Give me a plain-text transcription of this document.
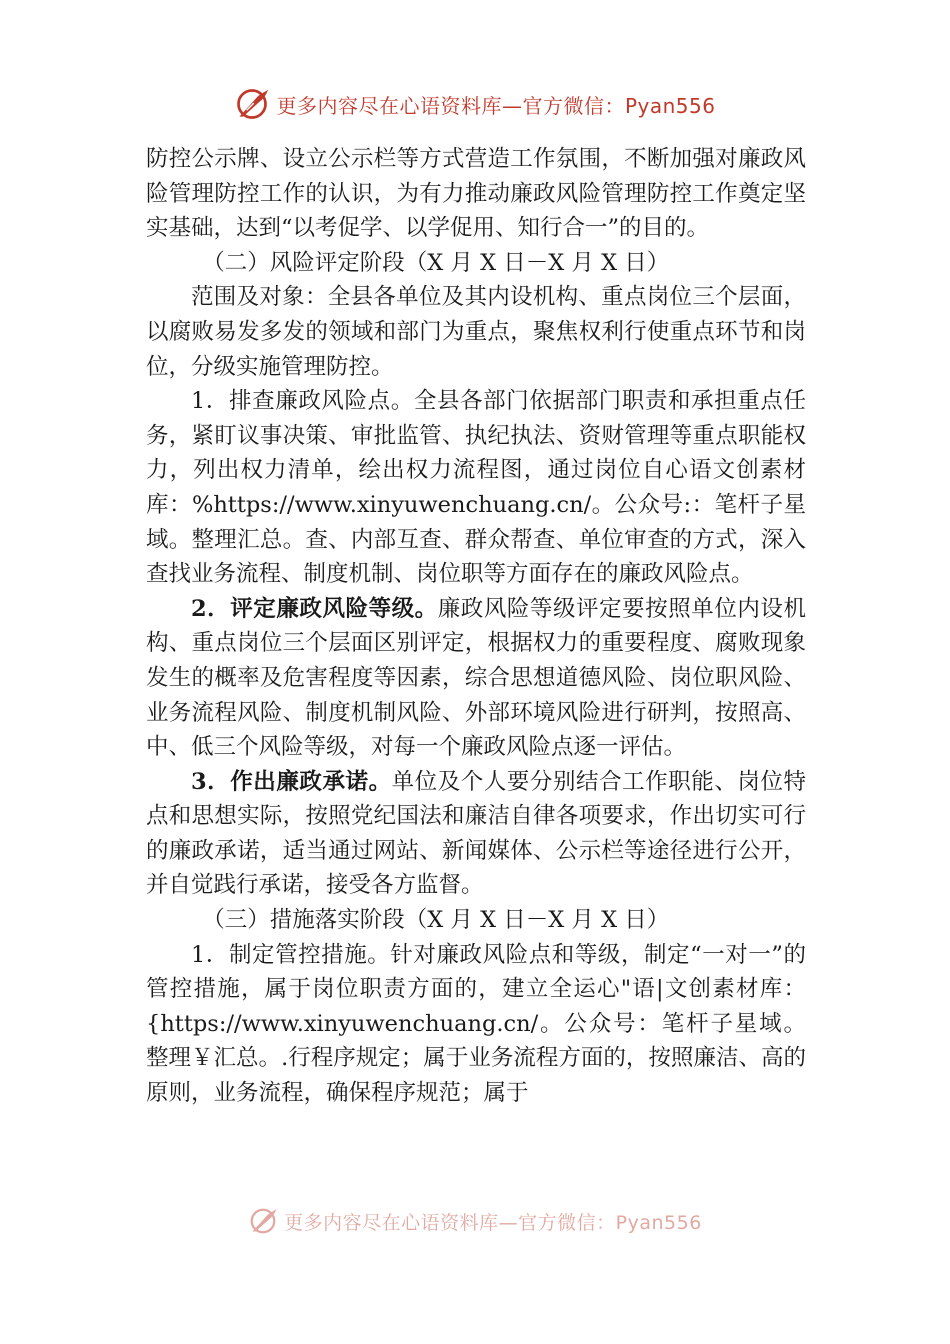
更多内容尽在心语资料库—官方微信：Pyan556

防控公示牌、设立公示栏等方式营造工作氛围，不断加强对廉政风险管理防控工作的认识，为有力推动廉政风险管理防控工作奠定坚实基础，达到“以考促学、以学促用、知行合一”的目的。

（二）风险评定阶段（X 月 X 日－X 月 X 日）

范围及对象：全县各单位及其内设机构、重点岗位三个层面，以腐败易发多发的领域和部门为重点，聚焦权利行使重点环节和岗位，分级实施管理防控。

1．排查廉政风险点。全县各部门依据部门职责和承担重点任务，紧盯议事决策、审批监管、执纪执法、资财管理等重点职能权力，列出权力清单，绘出权力流程图，通过岗位自心语文创素材库：%https://www.xinyuwenchuang.cn/。公众号:：笔杆子星域。整理汇总。查、内部互查、群众帮查、单位审查的方式，深入查找业务流程、制度机制、岗位职等方面存在的廉政风险点。

2．评定廉政风险等级。廉政风险等级评定要按照单位内设机构、重点岗位三个层面区别评定，根据权力的重要程度、腐败现象发生的概率及危害程度等因素，综合思想道德风险、岗位职风险、业务流程风险、制度机制风险、外部环境风险进行研判，按照高、中、低三个风险等级，对每一个廉政风险点逐一评估。

3．作出廉政承诺。单位及个人要分别结合工作职能、岗位特点和思想实际，按照党纪国法和廉洁自律各项要求，作出切实可行的廉政承诺，适当通过网站、新闻媒体、公示栏等途径进行公开，并自觉践行承诺，接受各方监督。

（三）措施落实阶段（X 月 X 日－X 月 X 日）

1．制定管控措施。针对廉政风险点和等级，制定“一对一”的管控措施，属于岗位职责方面的，建立全运心"语|文创素材库：{https://www.xinyuwenchuang.cn/。公众号：笔杆子星域。整理￥汇总。.行程序规定；属于业务流程方面的，按照廉洁、高的原则，业务流程，确保程序规范；属于

更多内容尽在心语资料库—官方微信：Pyan556
